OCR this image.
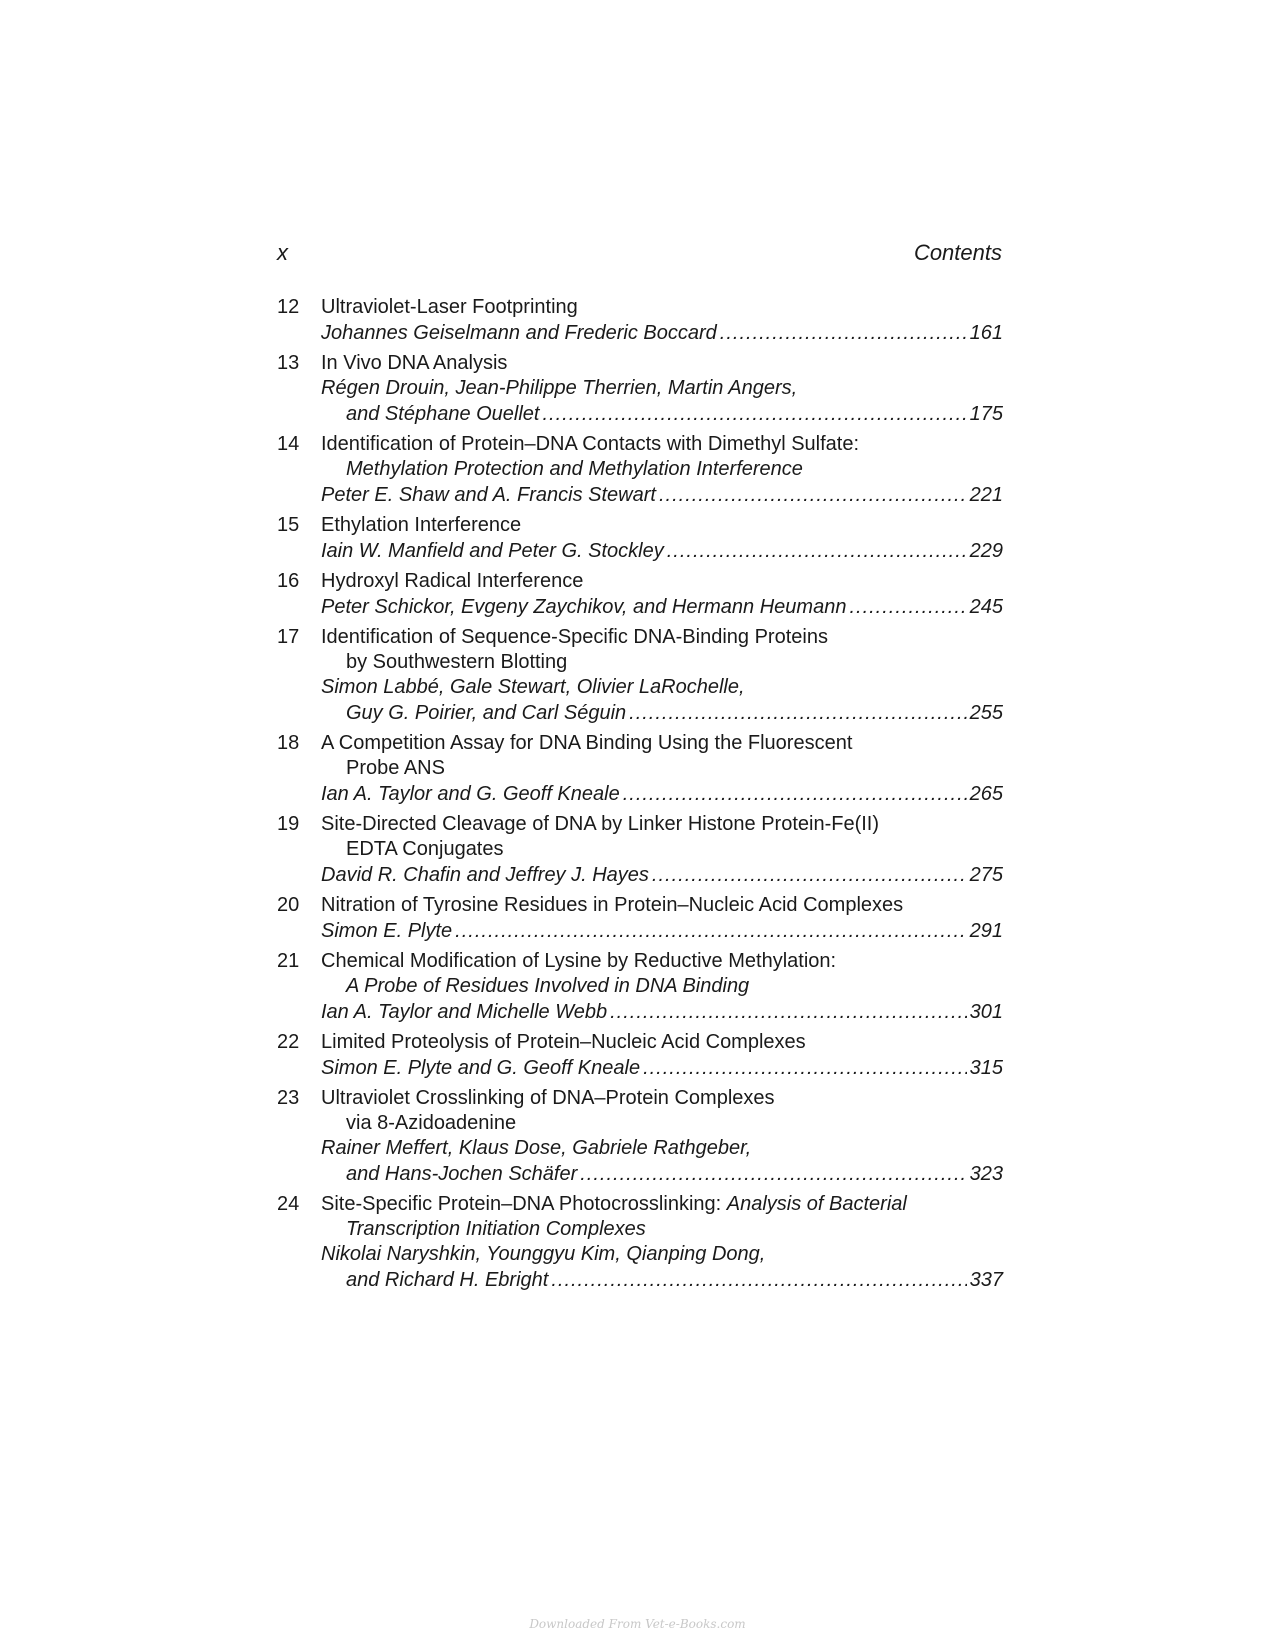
x	Contents
12 Ultraviolet-Laser Footprinting
Johannes Geiselmann and Frederic Boccard .....	161
13 In Vivo DNA Analysis
Régen Drouin, Jean-Philippe Therrien, Martin Angers,
and Stéphane Ouellet .....	175
14 Identification of Protein–DNA Contacts with Dimethyl Sulfate:
Methylation Protection and Methylation Interference
Peter E. Shaw and A. Francis Stewart .....	221
15 Ethylation Interference
Iain W. Manfield and Peter G. Stockley .....	229
16 Hydroxyl Radical Interference
Peter Schickor, Evgeny Zaychikov, and Hermann Heumann .....	245
17 Identification of Sequence-Specific DNA-Binding Proteins
by Southwestern Blotting
Simon Labbé, Gale Stewart, Olivier LaRochelle,
Guy G. Poirier, and Carl Séguin .....	255
18 A Competition Assay for DNA Binding Using the Fluorescent
Probe ANS
Ian A. Taylor and G. Geoff Kneale .....	265
19 Site-Directed Cleavage of DNA by Linker Histone Protein-Fe(II)
EDTA Conjugates
David R. Chafin and Jeffrey J. Hayes .....	275
20 Nitration of Tyrosine Residues in Protein–Nucleic Acid Complexes
Simon E. Plyte .....	291
21 Chemical Modification of Lysine by Reductive Methylation:
A Probe of Residues Involved in DNA Binding
Ian A. Taylor and Michelle Webb .....	301
22 Limited Proteolysis of Protein–Nucleic Acid Complexes
Simon E. Plyte and G. Geoff Kneale .....	315
23 Ultraviolet Crosslinking of DNA–Protein Complexes
via 8-Azidoadenine
Rainer Meffert, Klaus Dose, Gabriele Rathgeber,
and Hans-Jochen Schäfer .....	323
24 Site-Specific Protein–DNA Photocrosslinking: Analysis of Bacterial
Transcription Initiation Complexes
Nikolai Naryshkin, Younggyu Kim, Qianping Dong,
and Richard H. Ebright .....	337
Downloaded From Vet-e-Books.com
